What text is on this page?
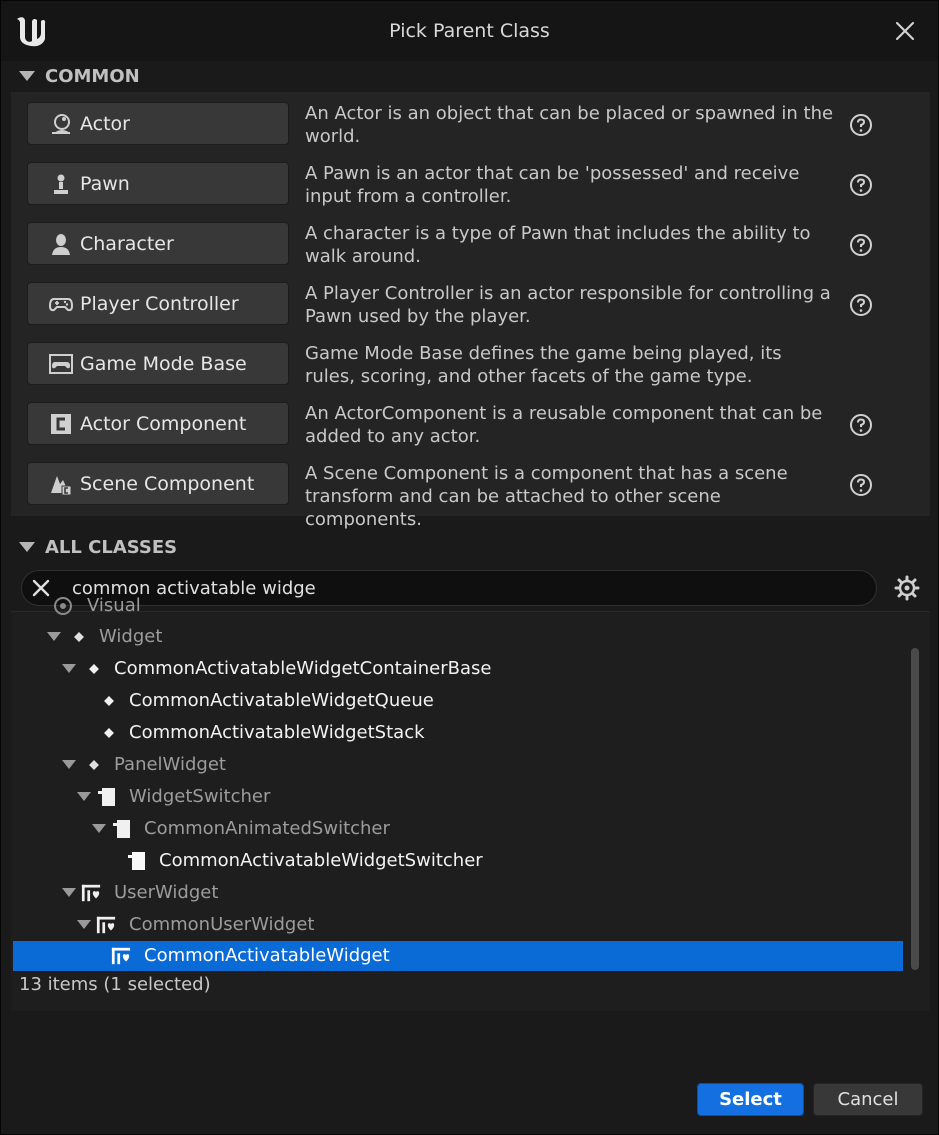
Pick Parent Class
COMMON
Actor	An Actor is an object that can be placed or spawned in the world.
Pawn	A Pawn is an actor that can be 'possessed' and receive input from a controller.
Character	A character is a type of Pawn that includes the ability to walk around.
Player Controller	A Player Controller is an actor responsible for controlling a Pawn used by the player.
Game Mode Base	Game Mode Base defines the game being played, its rules, scoring, and other facets of the game type.
Actor Component	An ActorComponent is a reusable component that can be added to any actor.
Scene Component	A Scene Component is a component that has a scene transform and can be attached to other scene components.
ALL CLASSES
common activatable widge
Visual
Widget
CommonActivatableWidgetContainerBase
CommonActivatableWidgetQueue
CommonActivatableWidgetStack
PanelWidget
WidgetSwitcher
CommonAnimatedSwitcher
CommonActivatableWidgetSwitcher
UserWidget
CommonUserWidget
CommonActivatableWidget
13 items (1 selected)
Select	Cancel
